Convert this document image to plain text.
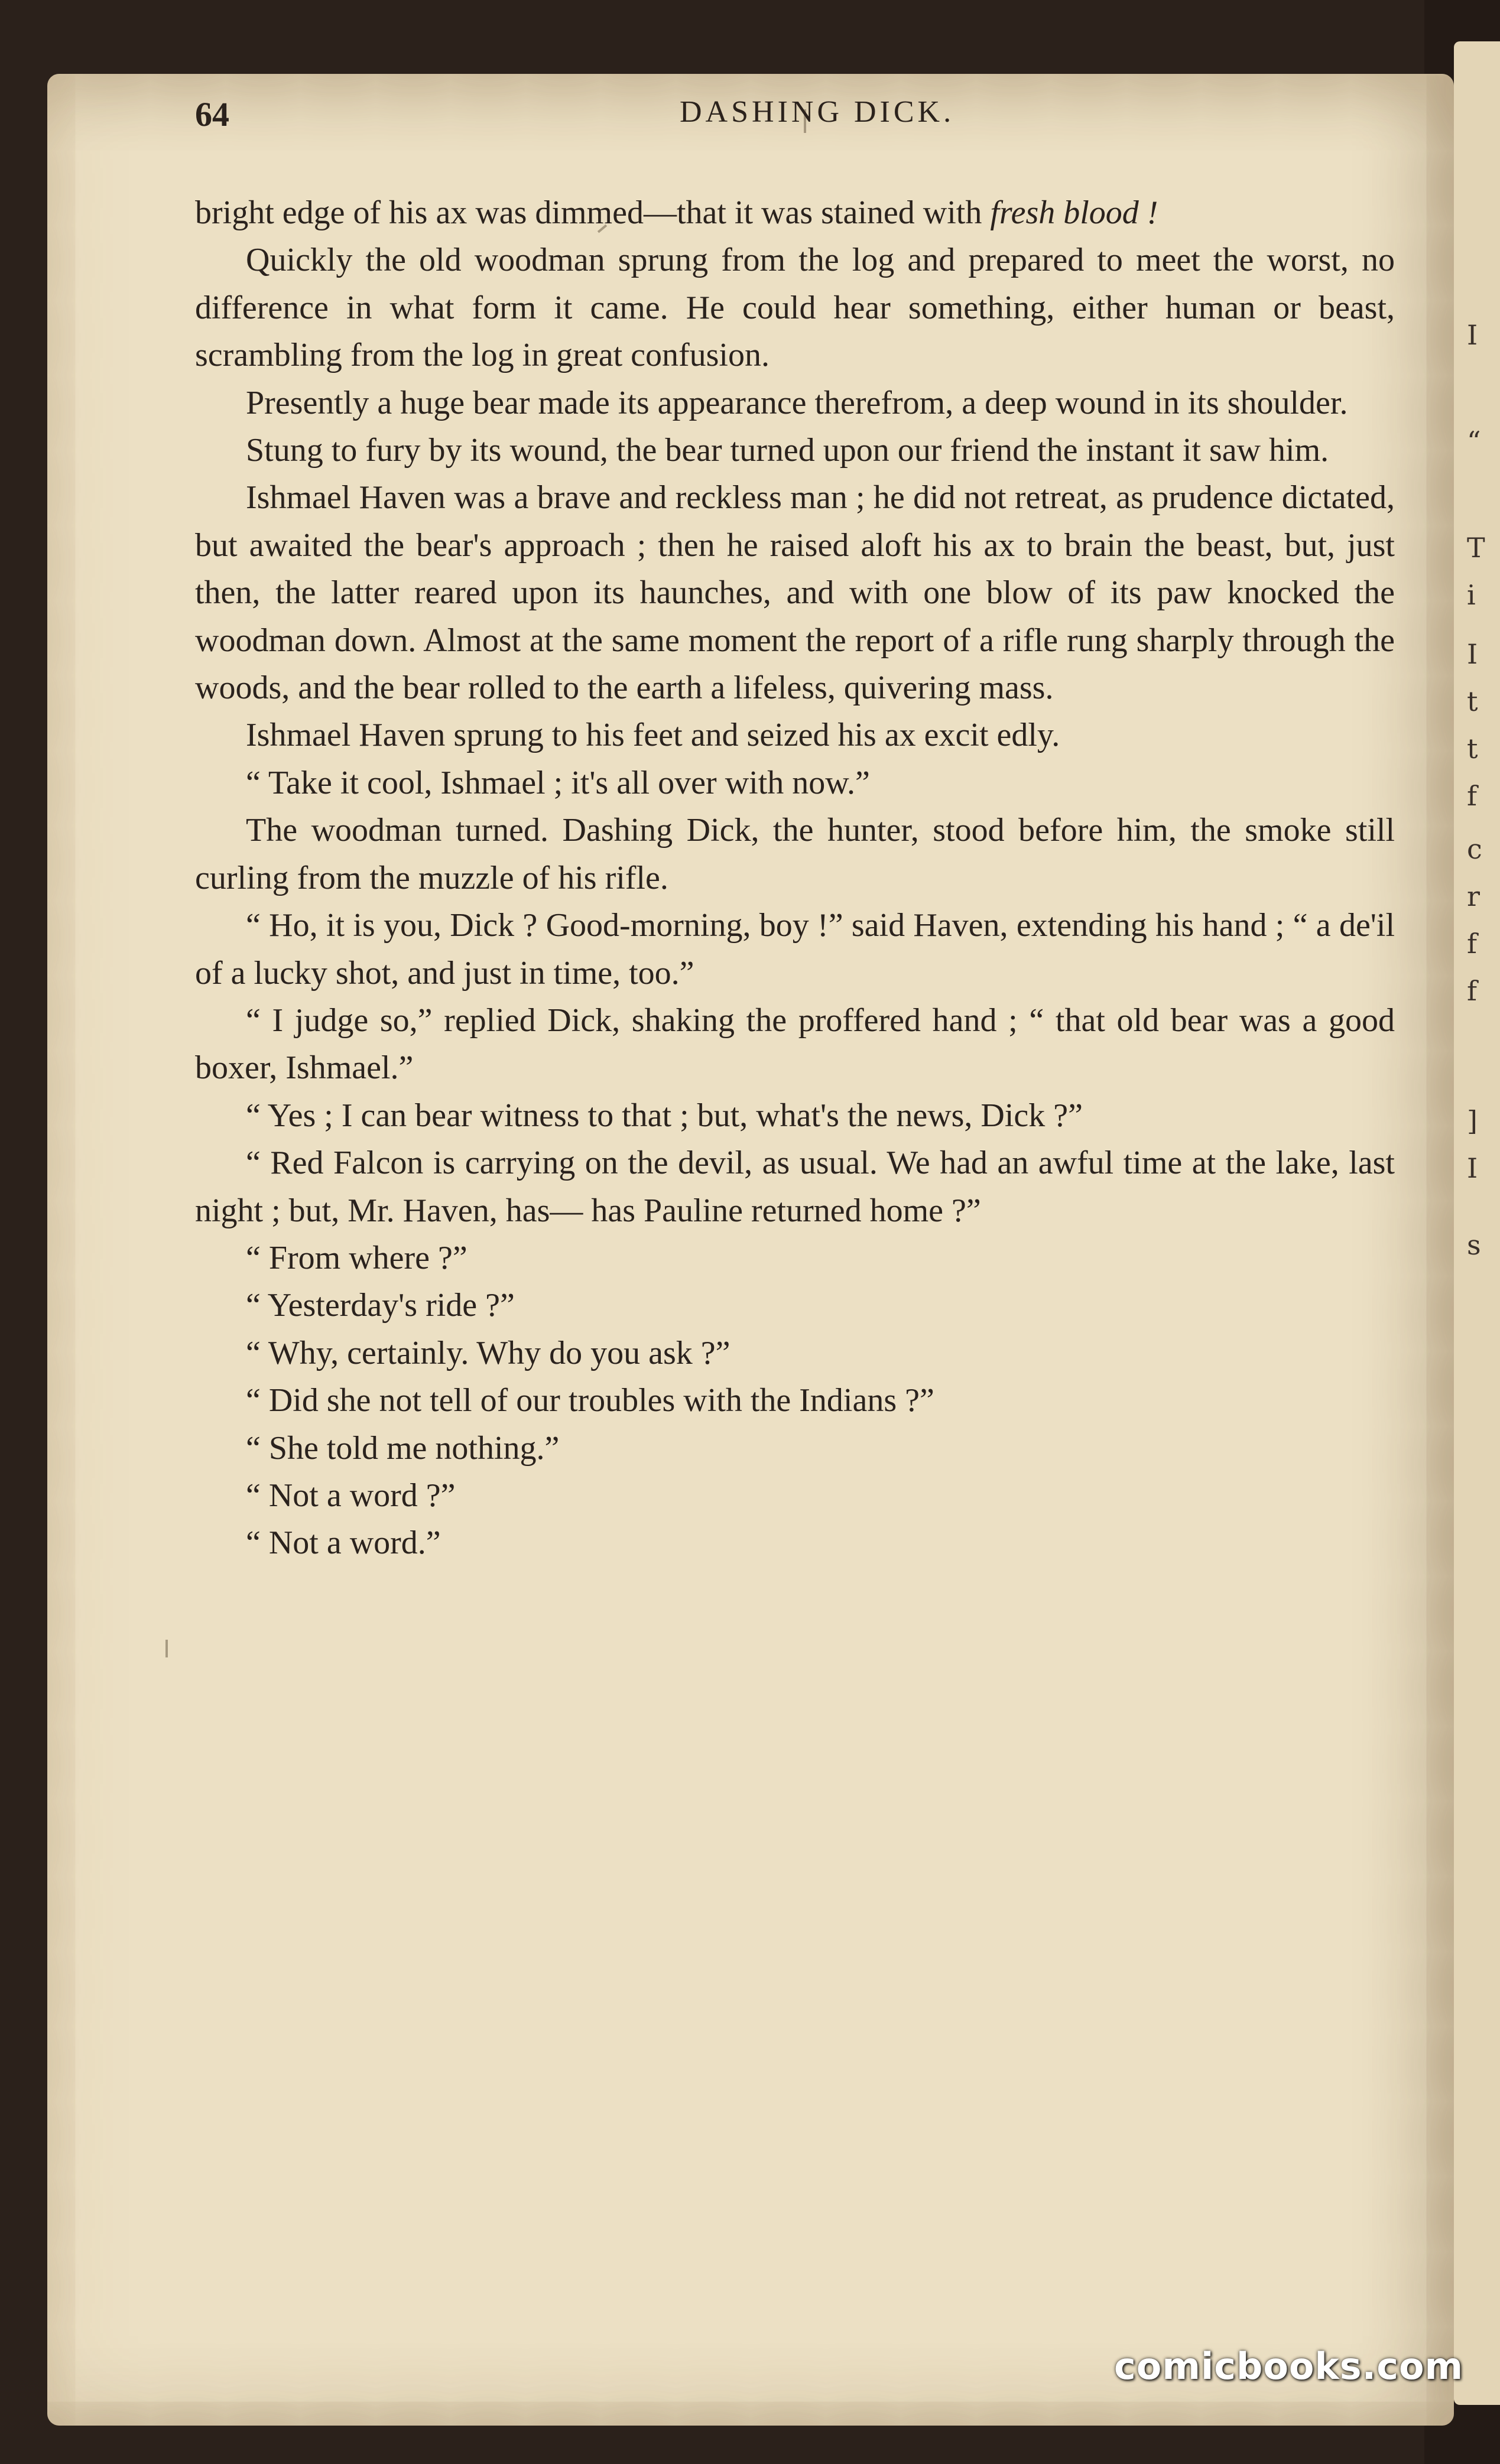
I
“
T
i
I
t
t
f
c
r
f
f
]
I
s
64	DASHING DICK.

bright edge of his ax was dimmed—that it was stained with fresh blood !

Quickly the old woodman sprung from the log and prepared to meet the worst, no difference in what form it came. He could hear something, either human or beast, scrambling from the log in great confusion.

Presently a huge bear made its appearance therefrom, a deep wound in its shoulder.

Stung to fury by its wound, the bear turned upon our friend the instant it saw him.

Ishmael Haven was a brave and reckless man ; he did not retreat, as prudence dictated, but awaited the bear's approach ; then he raised aloft his ax to brain the beast, but, just then, the latter reared upon its haunches, and with one blow of its paw knocked the woodman down. Almost at the same moment the report of a rifle rung sharply through the woods, and the bear rolled to the earth a lifeless, quivering mass.

Ishmael Haven sprung to his feet and seized his ax excit edly.

“ Take it cool, Ishmael ; it's all over with now.”

The woodman turned. Dashing Dick, the hunter, stood before him, the smoke still curling from the muzzle of his rifle.

“ Ho, it is you, Dick ? Good-morning, boy !” said Haven, extending his hand ; “ a de'il of a lucky shot, and just in time, too.”

“ I judge so,” replied Dick, shaking the proffered hand ; “ that old bear was a good boxer, Ishmael.”

“ Yes ; I can bear witness to that ; but, what's the news, Dick ?”

“ Red Falcon is carrying on the devil, as usual. We had an awful time at the lake, last night ; but, Mr. Haven, has— has Pauline returned home ?”

“ From where ?”

“ Yesterday's ride ?”

“ Why, certainly. Why do you ask ?”

“ Did she not tell of our troubles with the Indians ?”

“ She told me nothing.”

“ Not a word ?”

“ Not a word.”

comicbooks.com
